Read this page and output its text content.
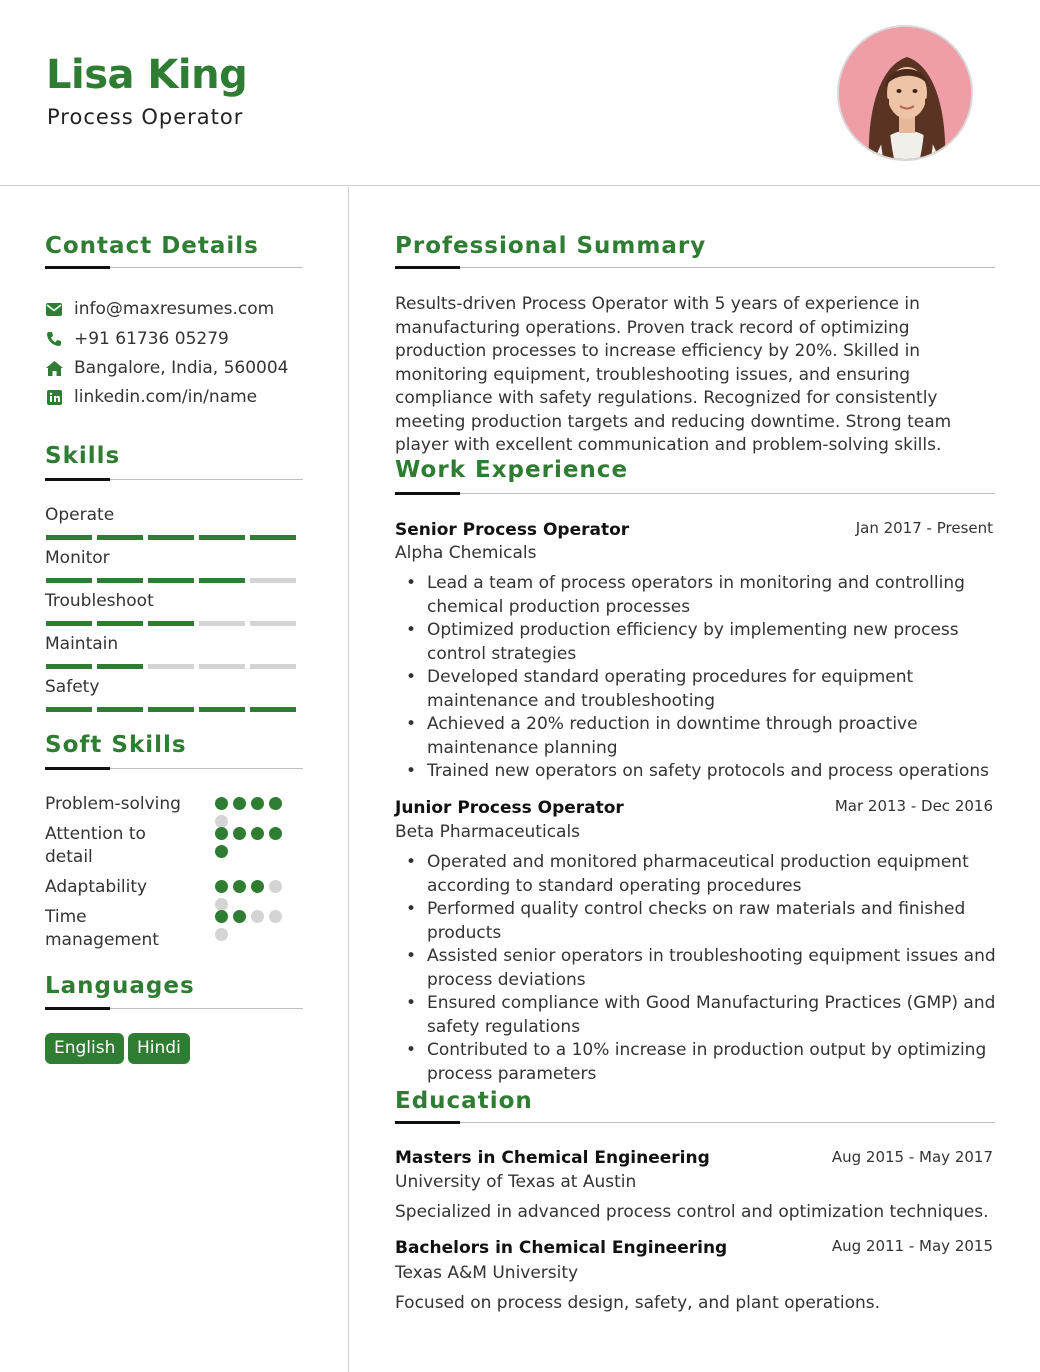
Lisa King
Process Operator
Contact Details
info@maxresumes.com
+91 61736 05279
Bangalore, India, 560004
linkedin.com/in/name
Skills
Operate
Monitor
Troubleshoot
Maintain
Safety
Soft Skills
Problem-solving
Attention to detail
Adaptability
Time management
Languages
English	Hindi
Professional Summary
Results-driven Process Operator with 5 years of experience in manufacturing operations. Proven track record of optimizing production processes to increase efficiency by 20%. Skilled in monitoring equipment, troubleshooting issues, and ensuring compliance with safety regulations. Recognized for consistently meeting production targets and reducing downtime. Strong team player with excellent communication and problem-solving skills.
Work Experience
Senior Process Operator	Jan 2017 - Present
Alpha Chemicals
• Lead a team of process operators in monitoring and controlling chemical production processes
• Optimized production efficiency by implementing new process control strategies
• Developed standard operating procedures for equipment maintenance and troubleshooting
• Achieved a 20% reduction in downtime through proactive maintenance planning
• Trained new operators on safety protocols and process operations
Junior Process Operator	Mar 2013 - Dec 2016
Beta Pharmaceuticals
• Operated and monitored pharmaceutical production equipment according to standard operating procedures
• Performed quality control checks on raw materials and finished products
• Assisted senior operators in troubleshooting equipment issues and process deviations
• Ensured compliance with Good Manufacturing Practices (GMP) and safety regulations
• Contributed to a 10% increase in production output by optimizing process parameters
Education
Masters in Chemical Engineering	Aug 2015 - May 2017
University of Texas at Austin
Specialized in advanced process control and optimization techniques.
Bachelors in Chemical Engineering	Aug 2011 - May 2015
Texas A&M University
Focused on process design, safety, and plant operations.
